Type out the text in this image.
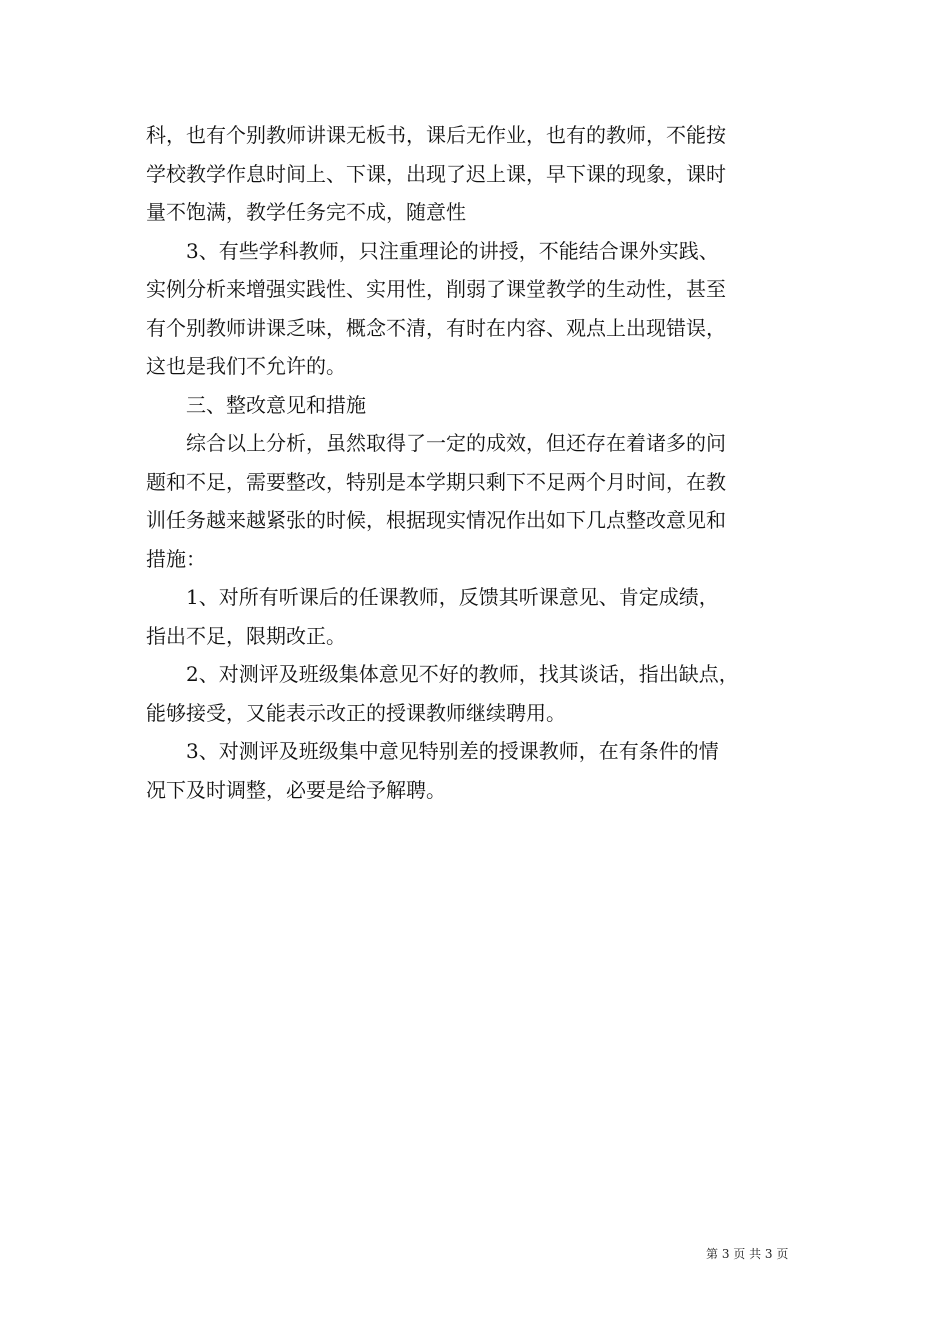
科，也有个别教师讲课无板书，课后无作业，也有的教师，不能按
学校教学作息时间上、下课，出现了迟上课，早下课的现象，课时
量不饱满，教学任务完不成，随意性
3、有些学科教师，只注重理论的讲授，不能结合课外实践、
实例分析来增强实践性、实用性，削弱了课堂教学的生动性，甚至
有个别教师讲课乏味，概念不清，有时在内容、观点上出现错误，
这也是我们不允许的。
三、整改意见和措施
综合以上分析，虽然取得了一定的成效，但还存在着诸多的问
题和不足，需要整改，特别是本学期只剩下不足两个月时间，在教
训任务越来越紧张的时候，根据现实情况作出如下几点整改意见和
措施：
1、对所有听课后的任课教师，反馈其听课意见、肯定成绩，
指出不足，限期改正。
2、对测评及班级集体意见不好的教师，找其谈话，指出缺点，
能够接受，又能表示改正的授课教师继续聘用。
3、对测评及班级集中意见特别差的授课教师，在有条件的情
况下及时调整，必要是给予解聘。
第 3 页 共 3 页
